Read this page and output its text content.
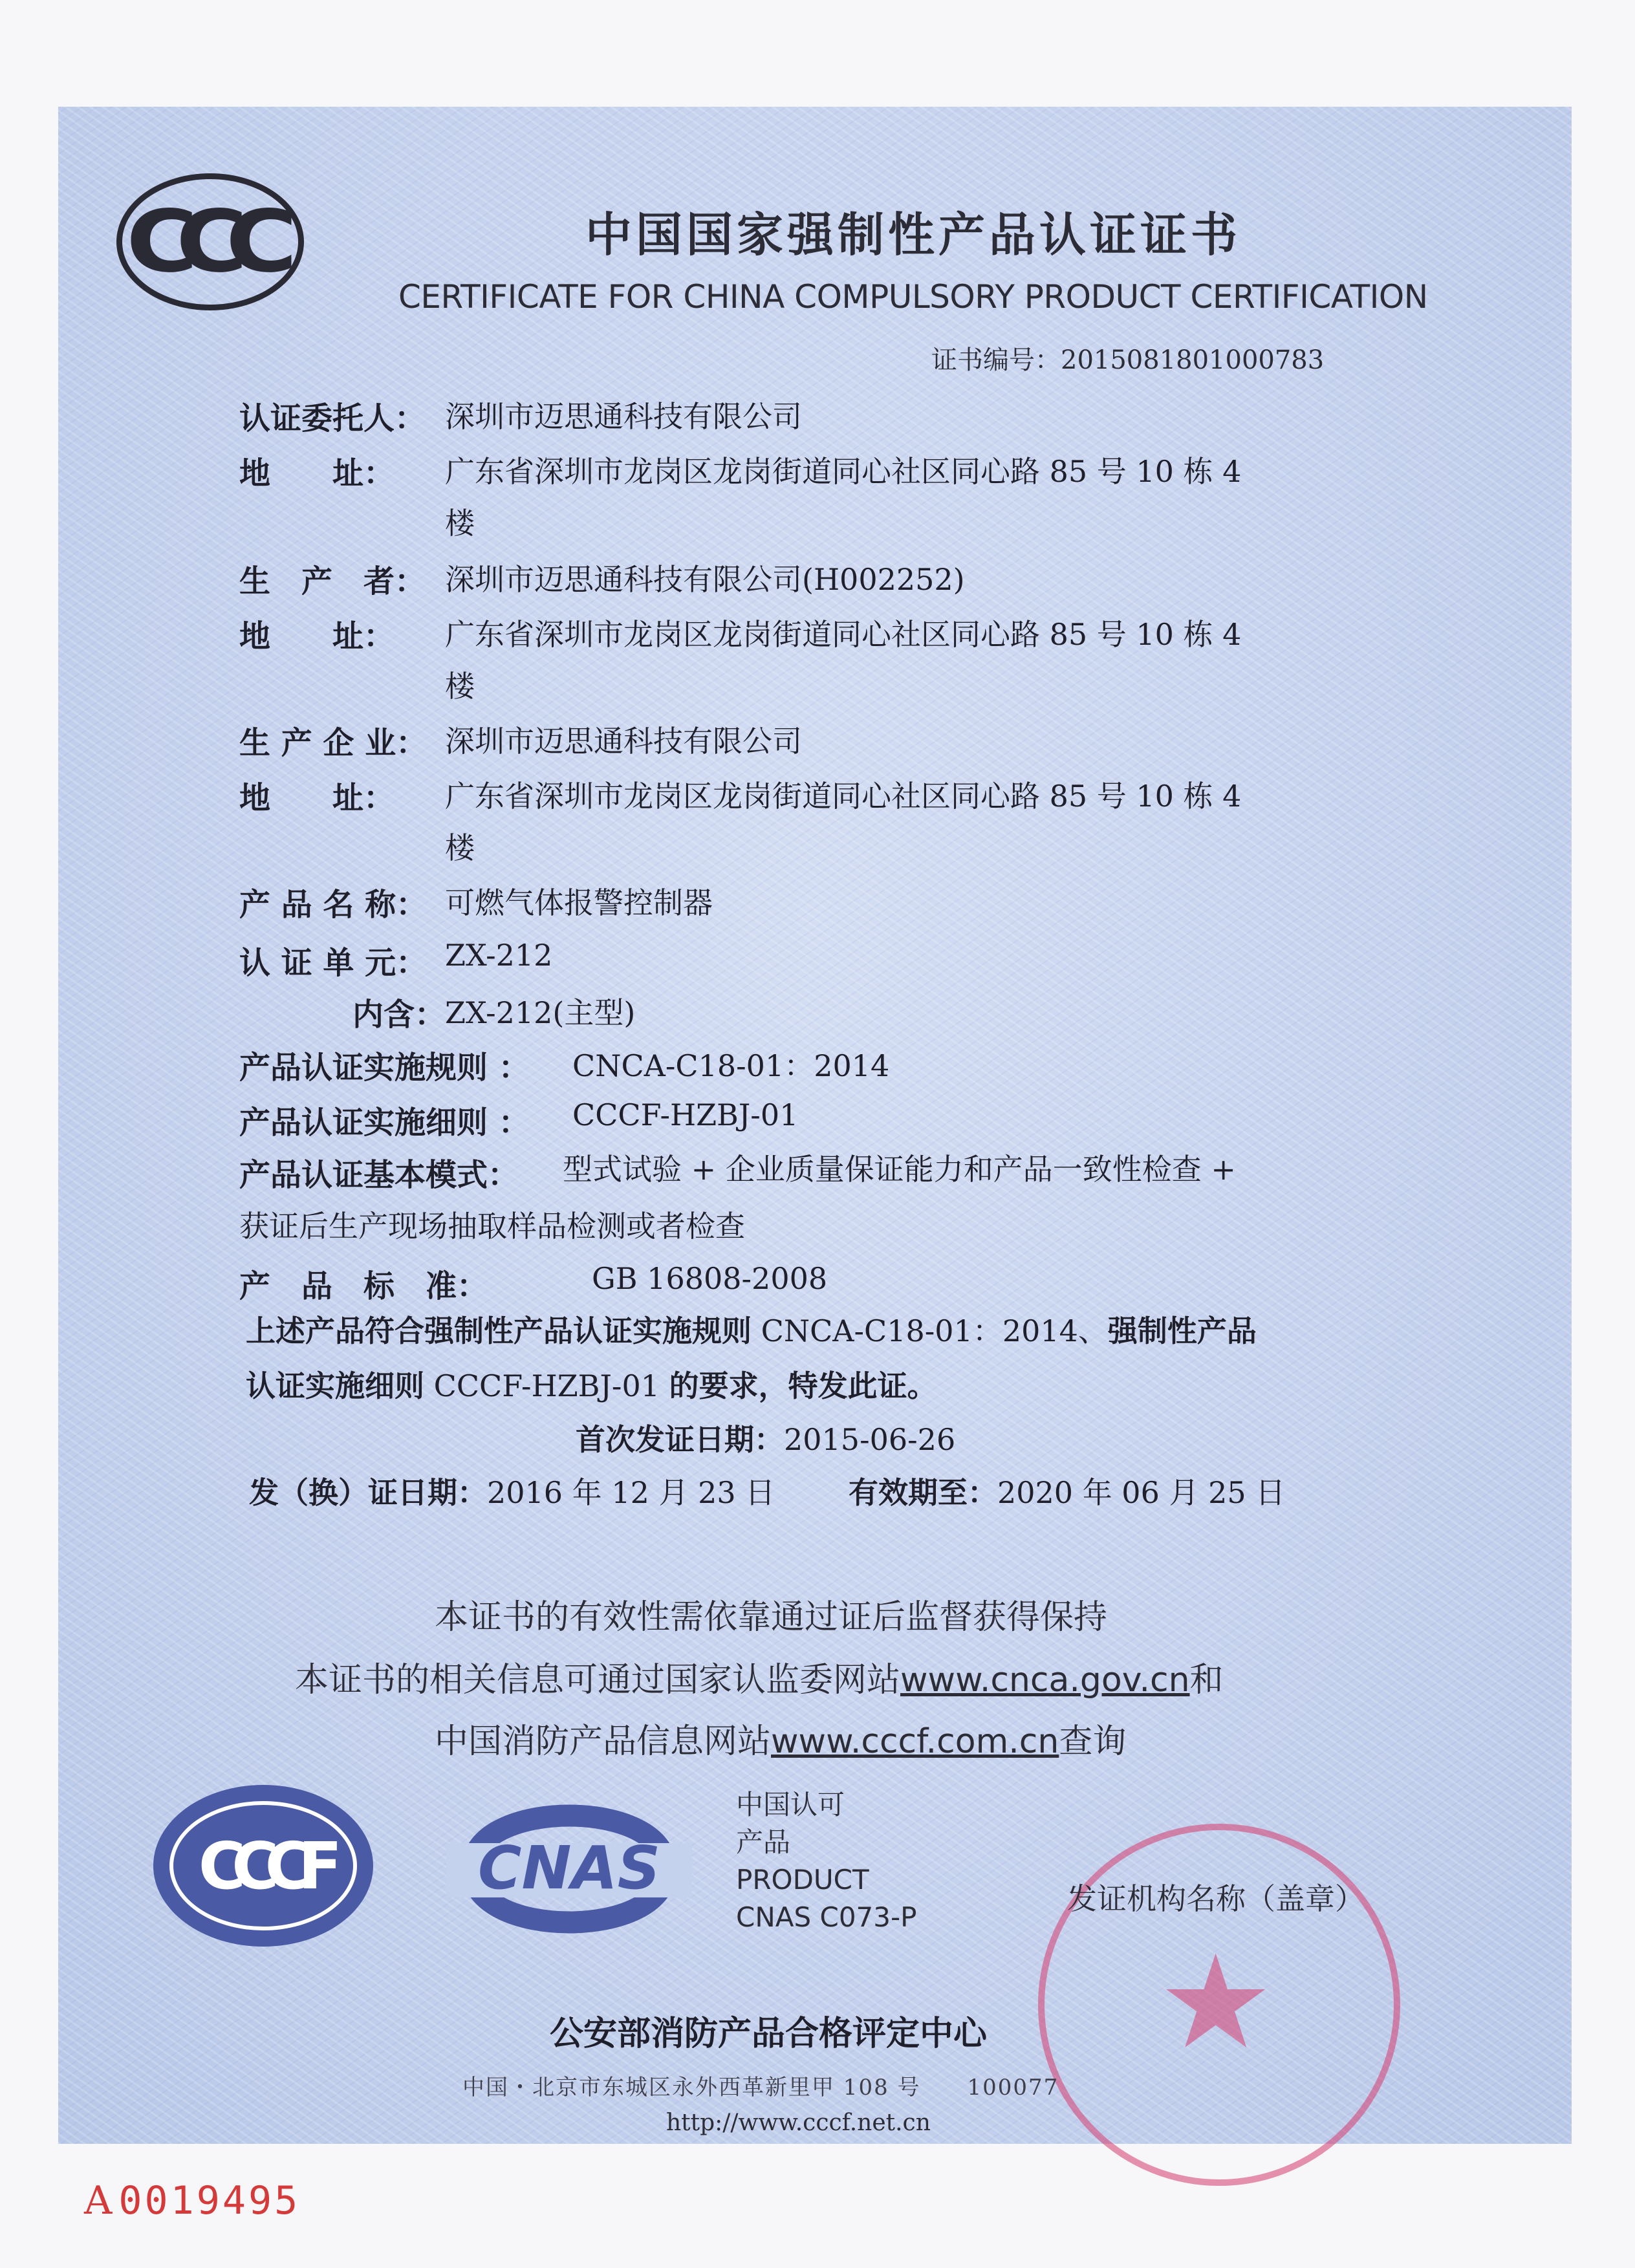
CCC	中国国家强制性产品认证证书
CERTIFICATE FOR CHINA COMPULSORY PRODUCT CERTIFICATION
证书编号：2015081801000783
认证委托人： 深圳市迈思通科技有限公司
地　　址： 广东省深圳市龙岗区龙岗街道同心社区同心路 85 号 10 栋 4
楼
生　产　者： 深圳市迈思通科技有限公司(H002252)
地　　址： 广东省深圳市龙岗区龙岗街道同心社区同心路 85 号 10 栋 4
楼
生 产 企 业： 深圳市迈思通科技有限公司
地　　址： 广东省深圳市龙岗区龙岗街道同心社区同心路 85 号 10 栋 4
楼
产 品 名 称： 可燃气体报警控制器
认 证 单 元： ZX-212
内含：
ZX-212(主型)
产品认证实施规则 ： CNCA-C18-01：2014
产品认证实施细则 ： CCCF-HZBJ-01
产品认证基本模式： 型式试验 + 企业质量保证能力和产品一致性检查 +
获证后生产现场抽取样品检测或者检查
产　品　标　准：	GB 16808-2008
上述产品符合强制性产品认证实施规则 CNCA-C18-01：2014、强制性产品
认证实施细则 CCCF-HZBJ-01 的要求，特发此证。
首次发证日期：2015-06-26
发（换）证日期：2016 年 12 月 23 日 有效期至：2020 年 06 月 25 日
本证书的有效性需依靠通过证后监督获得保持
本证书的相关信息可通过国家认监委网站www.cnca.gov.cn和
中国消防产品信息网站www.cccf.com.cn查询
CCCF	CNAS
中国认可
产品
PRODUCT
CNAS C073-P
★
发证机构名称（盖章）
公安部消防产品合格评定中心
中国・北京市东城区永外西革新里甲 108 号　　100077
http://www.cccf.net.cn
A 0019495
